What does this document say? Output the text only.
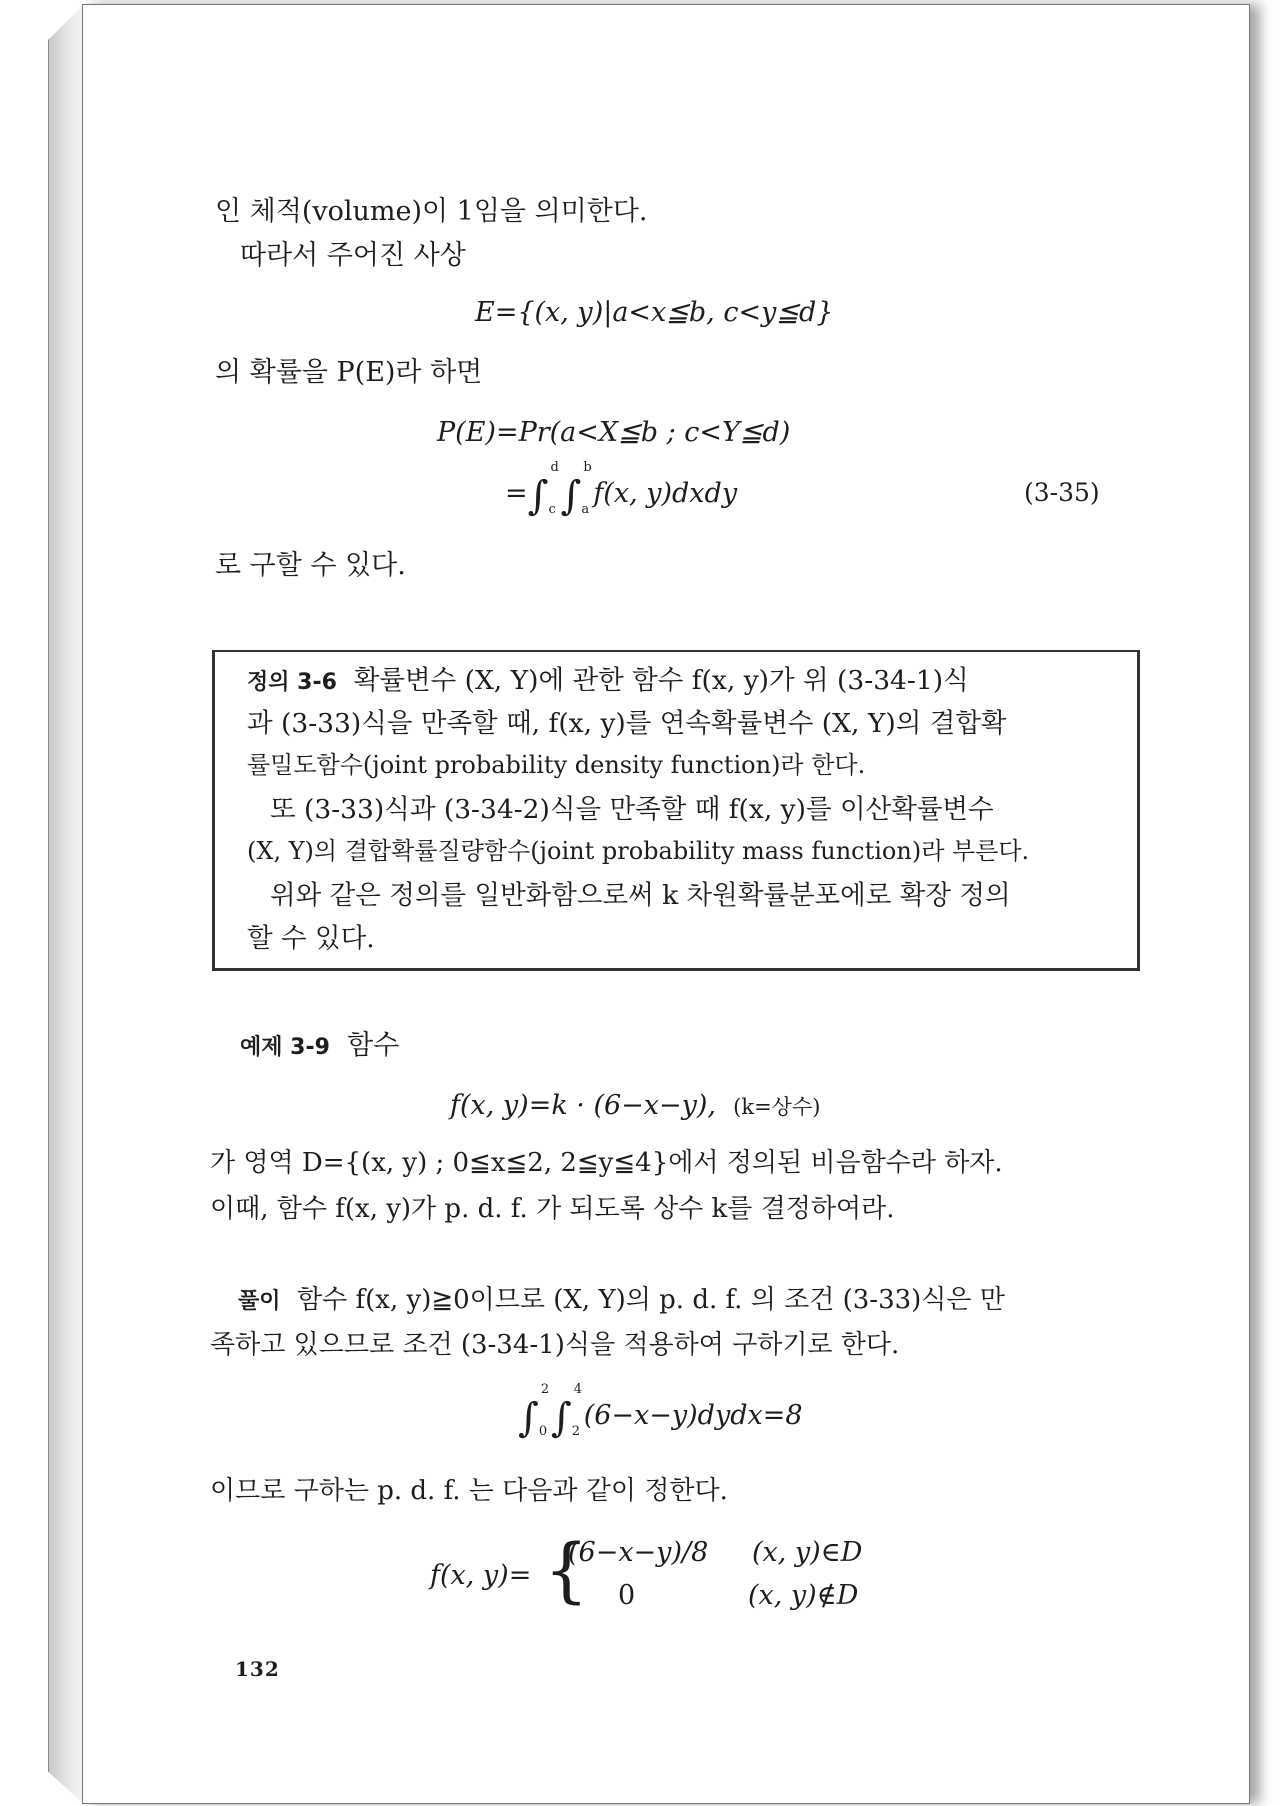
인 체적(volume)이 1임을 의미한다.
따라서 주어진 사상
E={(x, y)|a<x≦b, c<y≦d}
의 확률을 P(E)라 하면
P(E)=Pr(a<X≦b ; c<Y≦d)
=∫
d
c ∫
b
a
f(x, y)dxdy	(3-35)
로 구할 수 있다.
정의 3-6 확률변수 (X, Y)에 관한 함수 f(x, y)가 위 (3-34-1)식
과 (3-33)식을 만족할 때, f(x, y)를 연속확률변수 (X, Y)의 결합확
률밀도함수(joint probability density function)라 한다.
또 (3-33)식과 (3-34-2)식을 만족할 때 f(x, y)를 이산확률변수
(X, Y)의 결합확률질량함수(joint probability mass function)라 부른다.
위와 같은 정의를 일반화함으로써 k 차원확률분포에로 확장 정의
할 수 있다.
예제 3-9 함수
f(x, y)=k · (6−x−y), (k=상수)
가 영역 D={(x, y) ; 0≦x≦2, 2≦y≦4}에서 정의된 비음함수라 하자.
이때, 함수 f(x, y)가 p. d. f. 가 되도록 상수 k를 결정하여라.
풀이 함수 f(x, y)≧0이므로 (X, Y)의 p. d. f. 의 조건 (3-33)식은 만
족하고 있으므로 조건 (3-34-1)식을 적용하여 구하기로 한다.
∫
2
0 ∫
4
2
(6−x−y)dydx=8
이므로 구하는 p. d. f. 는 다음과 같이 정한다.
f(x, y)= {
(6−x−y)/8 (x, y)∈D
0	(x, y)∉D
132
